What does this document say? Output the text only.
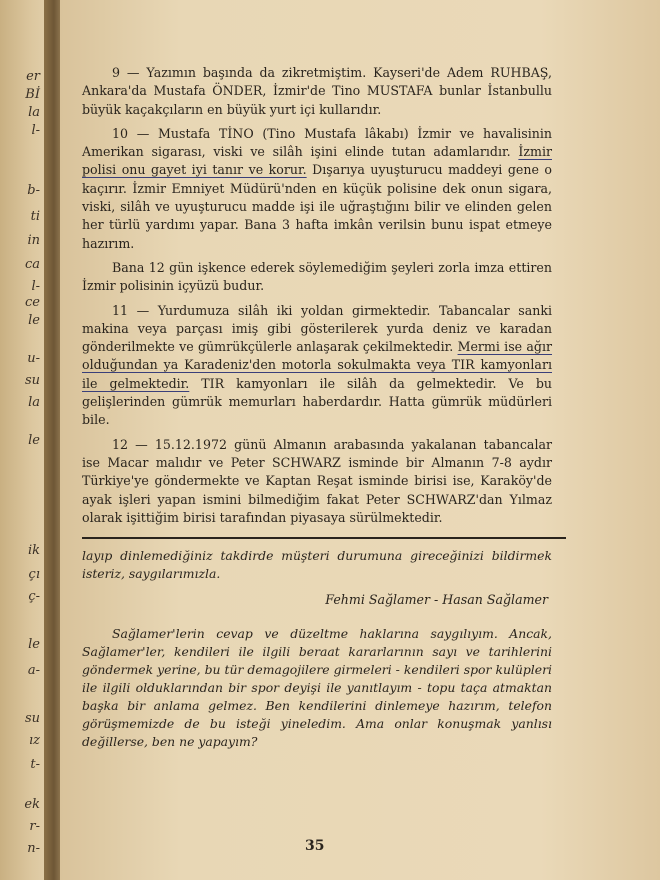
er
Bİ
la
l-
b-
ti
in
ca
l-
ce
le
u-
su
la
le
ik
çı
ç-
le
a-
su
ız
t-
ek
r-
n-

9 — Yazımın başında da zikretmiştim. Kayseri'de Adem RUHBAŞ, Ankara'da Mustafa ÖNDER, İzmir'de Tino MUSTAFA bunlar İstanbullu büyük kaçakçıların en büyük yurt içi kullarıdır.

10 — Mustafa TİNO (Tino Mustafa lâkabı) İzmir ve havalisinin Amerikan sigarası, viski ve silâh işini elinde tutan adamlarıdır. İzmir polisi onu gayet iyi tanır ve korur. Dışarıya uyuşturucu maddeyi gene o kaçırır. İzmir Emniyet Müdürü'nden en küçük polisine dek onun sigara, viski, silâh ve uyuşturucu madde işi ile uğraştığını bilir ve elinden gelen her türlü yardımı yapar. Bana 3 hafta imkân verilsin bunu ispat etmeye hazırım.

Bana 12 gün işkence ederek söylemediğim şeyleri zorla imza ettiren İzmir polisinin içyüzü budur.

11 — Yurdumuza silâh iki yoldan girmektedir. Tabancalar sanki makina veya parçası imiş gibi gösterilerek yurda deniz ve karadan gönderilmekte ve gümrükçülerle anlaşarak çekilmektedir. Mermi ise ağır olduğundan ya Karadeniz'den motorla sokulmakta veya TIR kamyonları ile gelmektedir. TIR kamyonları ile silâh da gelmektedir. Ve bu gelişlerinden gümrük memurları haberdardır. Hatta gümrük müdürleri bile.

12 — 15.12.1972 günü Almanın arabasında yakalanan tabancalar ise Macar malıdır ve Peter SCHWARZ isminde bir Almanın 7-8 aydır Türkiye'ye göndermekte ve Kaptan Reşat isminde birisi ise, Karaköy'de ayak işleri yapan ismini bilmediğim fakat Peter SCHWARZ'dan Yılmaz olarak işittiğim birisi tarafından piyasaya sürülmektedir.

layıp dinlemediğiniz takdirde müşteri durumuna gireceğinizi bildirmek isteriz, saygılarımızla.

Fehmi Sağlamer - Hasan Sağlamer

Sağlamer'lerin cevap ve düzeltme haklarına saygılıyım. Ancak, Sağlamer'ler, kendileri ile ilgili beraat kararlarının sayı ve tarihlerini göndermek yerine, bu tür demagojilere girmeleri - kendileri spor kulüpleri ile ilgili olduklarından bir spor deyişi ile yanıtlayım - topu taça atmaktan başka bir anlama gelmez. Ben kendilerini dinlemeye hazırım, telefon görüşmemizde de bu isteği yineledim. Ama onlar konuşmak yanlısı değillerse, ben ne yapayım?

35
